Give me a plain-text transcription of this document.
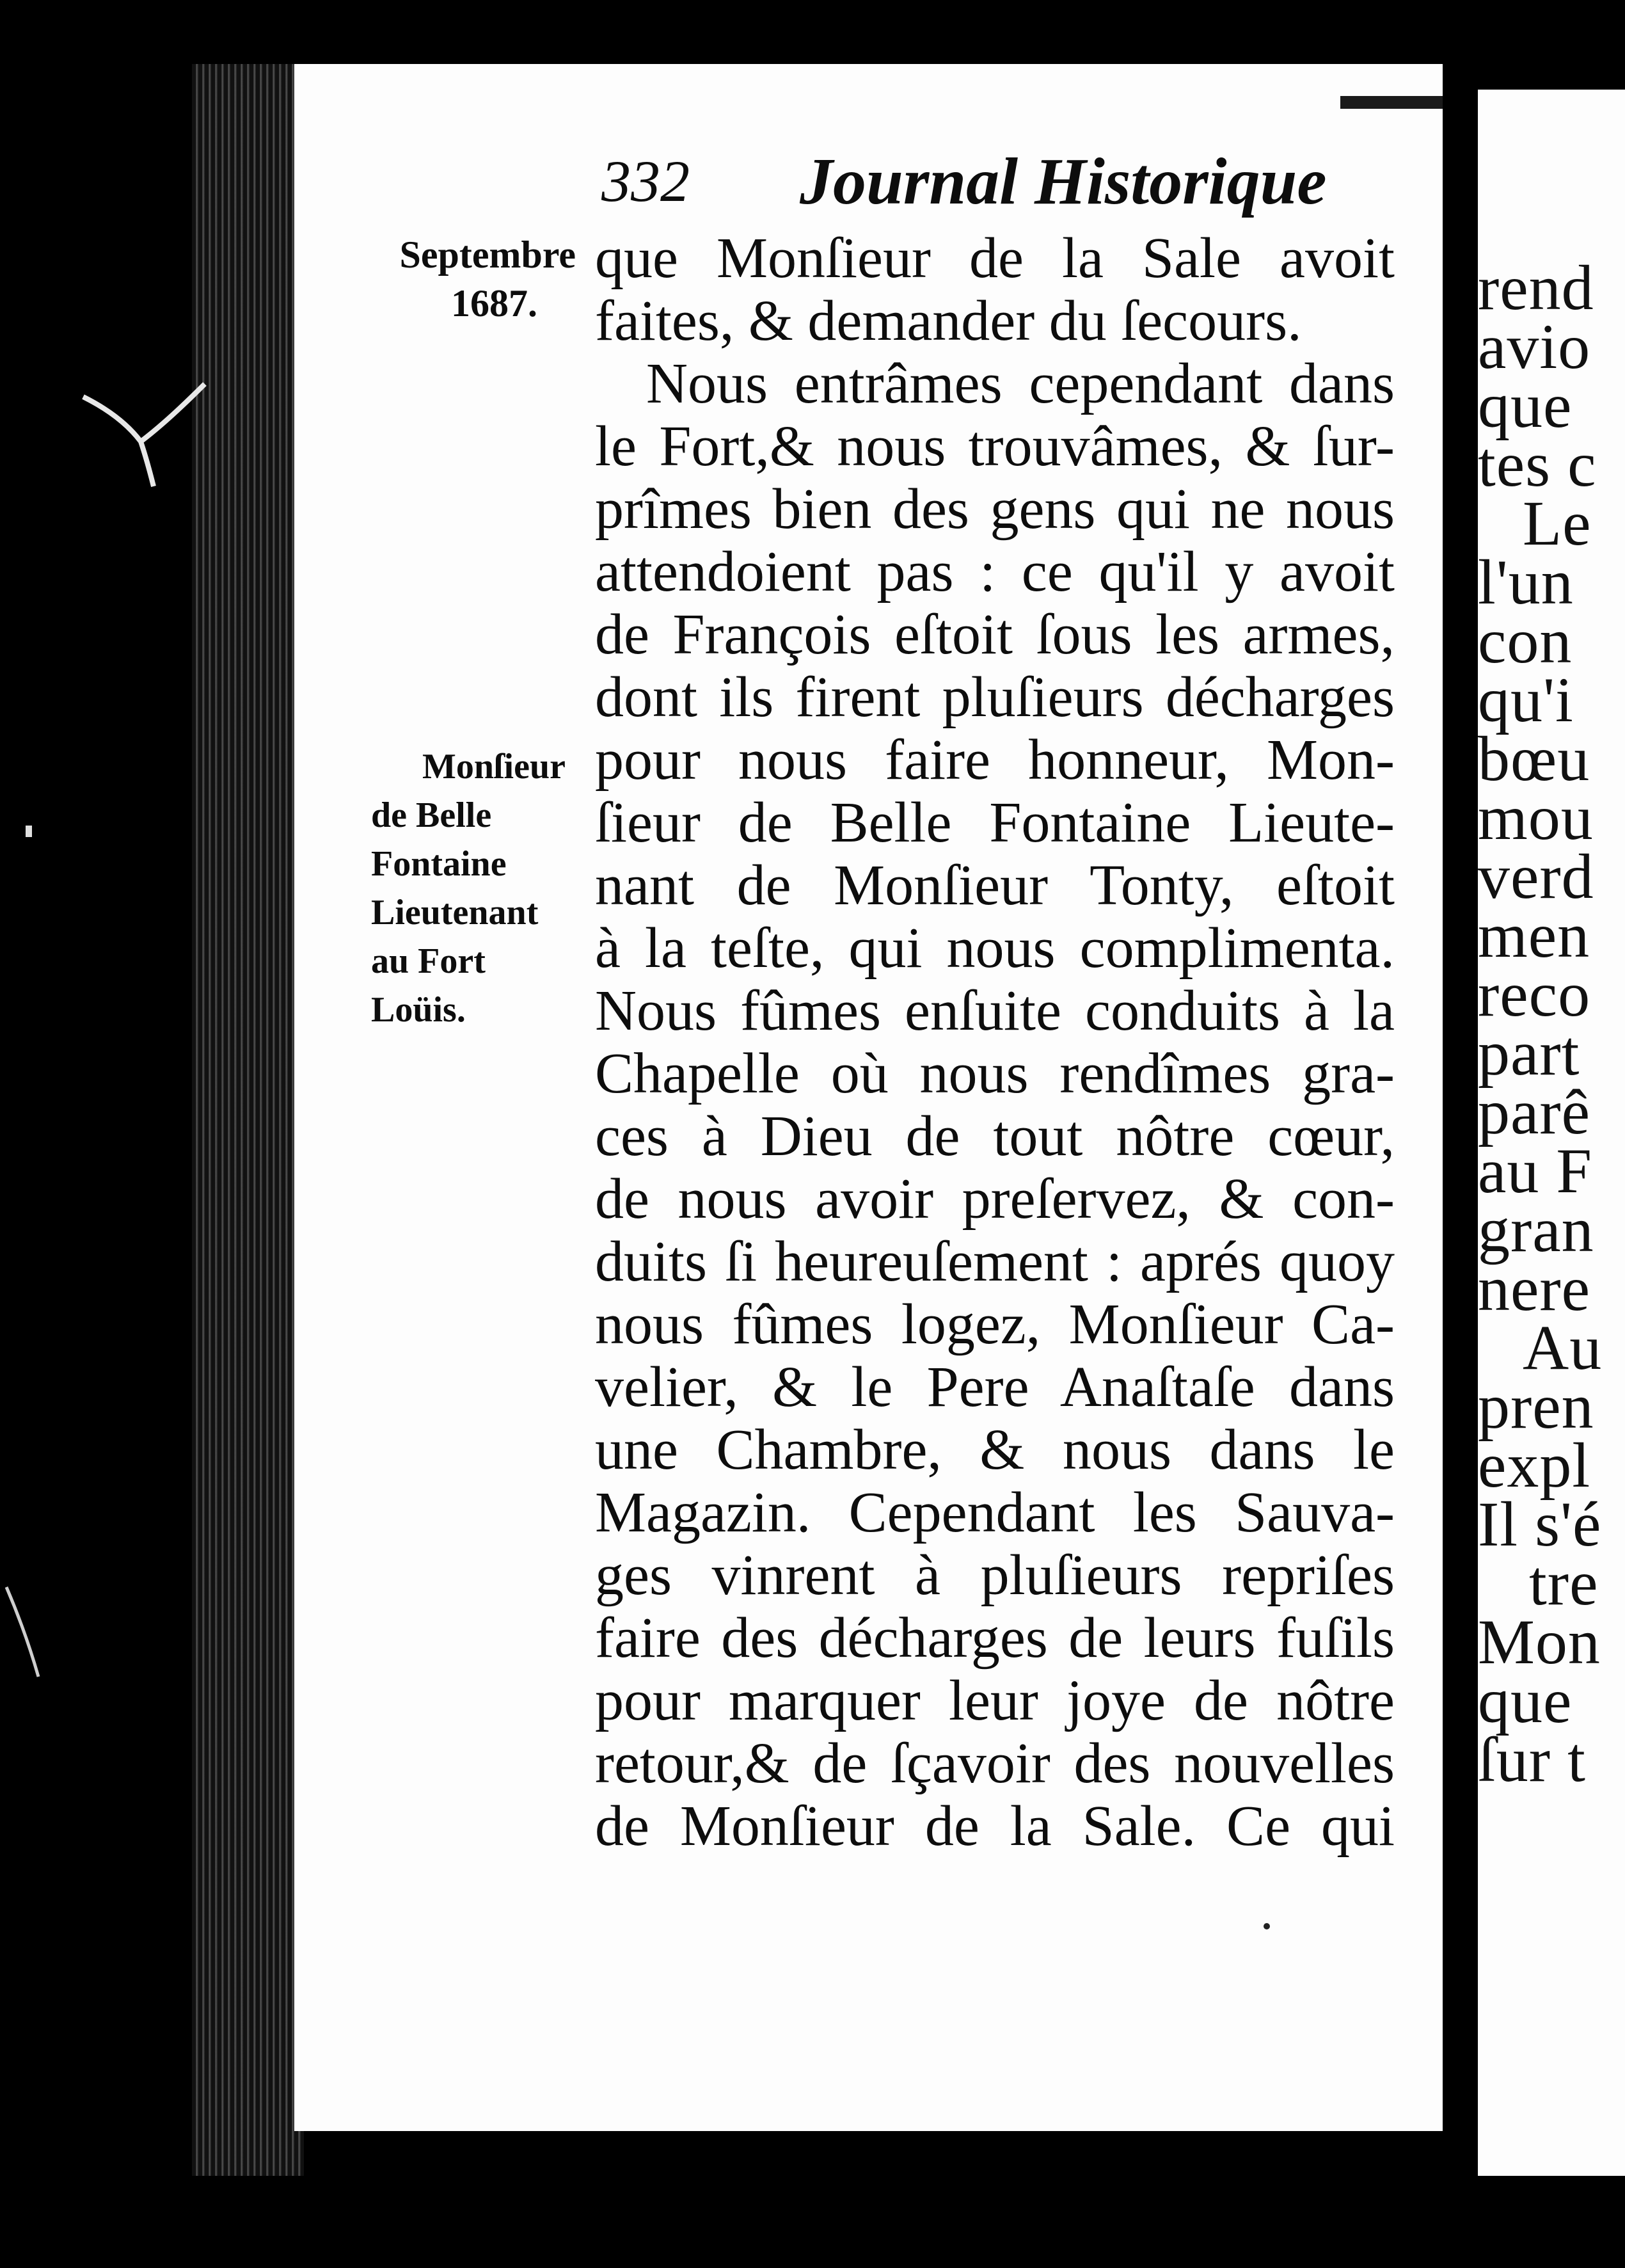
332 Journal Historique
Septembre
1687.
Monſieur
de Belle
Fontaine
Lieutenant
au Fort
Loüis.
que Monſieur de la Sale avoit
faites, & demander du ſecours.
Nous entrâmes cependant dans
le Fort,& nous trouvâmes, & ſur-
prîmes bien des gens qui ne nous
attendoient pas : ce qu'il y avoit
de François eſtoit ſous les armes,
dont ils firent pluſieurs décharges
pour nous faire honneur, Mon-
ſieur de Belle Fontaine Lieute-
nant de Monſieur Tonty, eſtoit
à la teſte, qui nous complimenta.
Nous fûmes enſuite conduits à la
Chapelle où nous rendîmes gra-
ces à Dieu de tout nôtre cœur,
de nous avoir preſervez, & con-
duits ſi heureuſement : aprés quoy
nous fûmes logez, Monſieur Ca-
velier, & le Pere Anaſtaſe dans
une Chambre, & nous dans le
Magazin. Cependant les Sauva-
ges vinrent à pluſieurs repriſes
faire des décharges de leurs fuſils
pour marquer leur joye de nôtre
retour,& de ſçavoir des nouvelles
de Monſieur de la Sale. Ce qui
rend
avio
que
tes c
Le
l'un
con
qu'i
bœu
mou
verd
men
reco
part
parê
au F
gran
nere
Au
pren
expl
Il s'é
tre
Mon
que
ſur t
